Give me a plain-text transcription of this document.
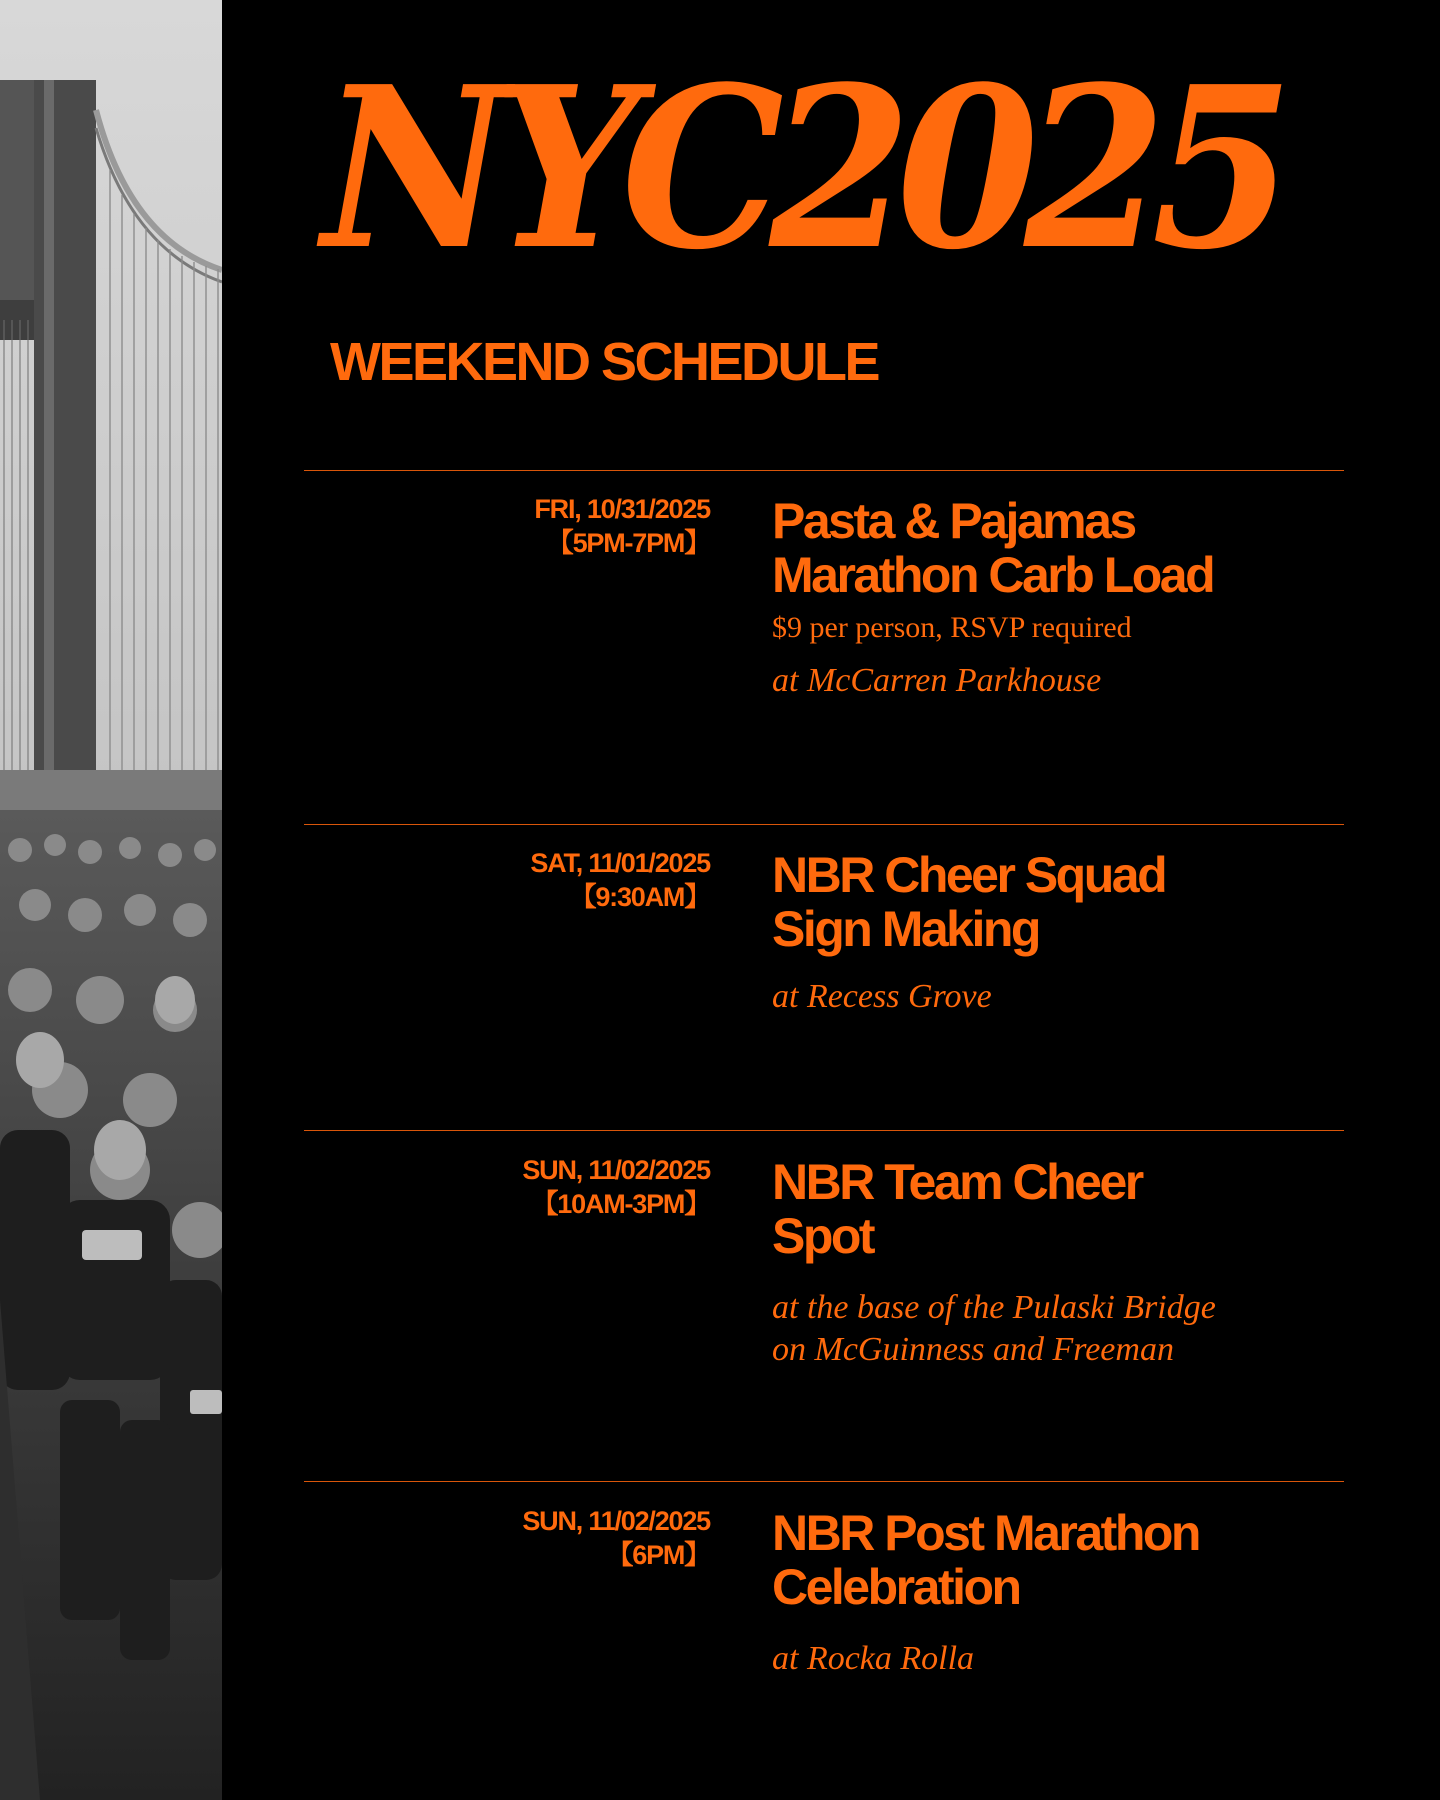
NYC2025
WEEKEND SCHEDULE
FRI, 10/31/2025
【5PM-7PM】 Pasta & Pajamas
Marathon Carb Load

$9 per person, RSVP required

at McCarren Parkhouse

SAT, 11/01/2025
【9:30AM】 NBR Cheer Squad
Sign Making

at Recess Grove

SUN, 11/02/2025
【10AM-3PM】 NBR Team Cheer
Spot

at the base of the Pulaski Bridge
on McGuinness and Freeman

SUN, 11/02/2025
【6PM】 NBR Post Marathon
Celebration

at Rocka Rolla
